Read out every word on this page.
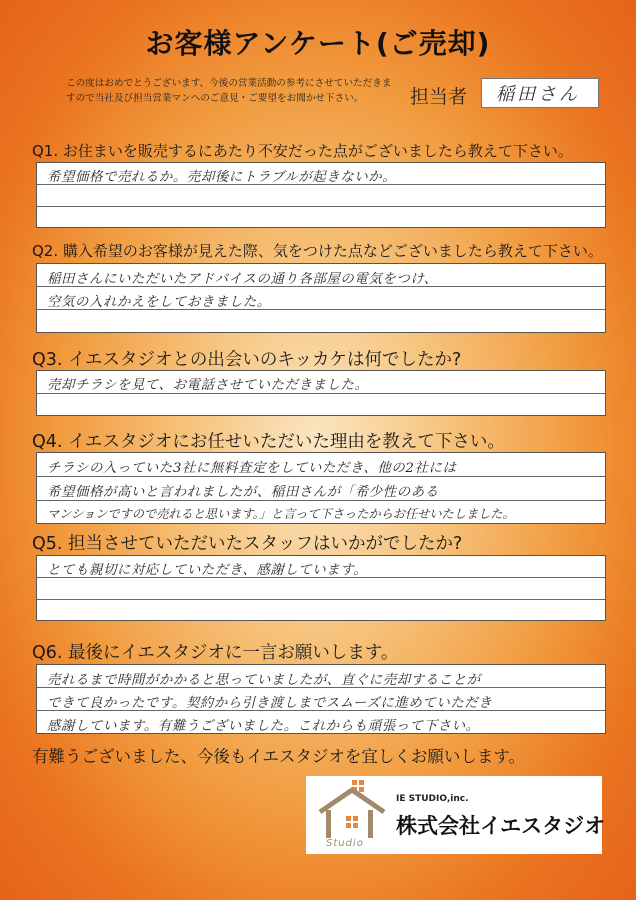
お客様アンケート(ご売却)
この度はおめでとうございます、今後の営業活動の参考にさせていただきますので当社及び担当営業マンへのご意見・ご要望をお聞かせ下さい。	担当者 稲田さん
Q1. お住まいを販売するにあたり不安だった点がございましたら教えて下さい。
希望価格で売れるか。売却後にトラブルが起きないか。
Q2. 購入希望のお客様が見えた際、気をつけた点などございましたら教えて下さい。
稲田さんにいただいたアドバイスの通り各部屋の電気をつけ、
空気の入れかえをしておきました。
Q3. イエスタジオとの出会いのキッカケは何でしたか?
売却チラシを見て、お電話させていただきました。
Q4. イエスタジオにお任せいただいた理由を教えて下さい。
チラシの入っていた3社に無料査定をしていただき、他の2社には
希望価格が高いと言われましたが、稲田さんが「希少性のある
マンションですので売れると思います。」と言って下さったからお任せいたしました。
Q5. 担当させていただいたスタッフはいかがでしたか?
とても親切に対応していただき、感謝しています。
Q6. 最後にイエスタジオに一言お願いします。
売れるまで時間がかかると思っていましたが、直ぐに売却することが
できて良かったです。契約から引き渡しまでスムーズに進めていただき
感謝しています。有難うございました。これからも頑張って下さい。
有難うございました、今後もイエスタジオを宜しくお願いします。
IE STUDIO,inc.
株式会社イエスタジオ
Studio
